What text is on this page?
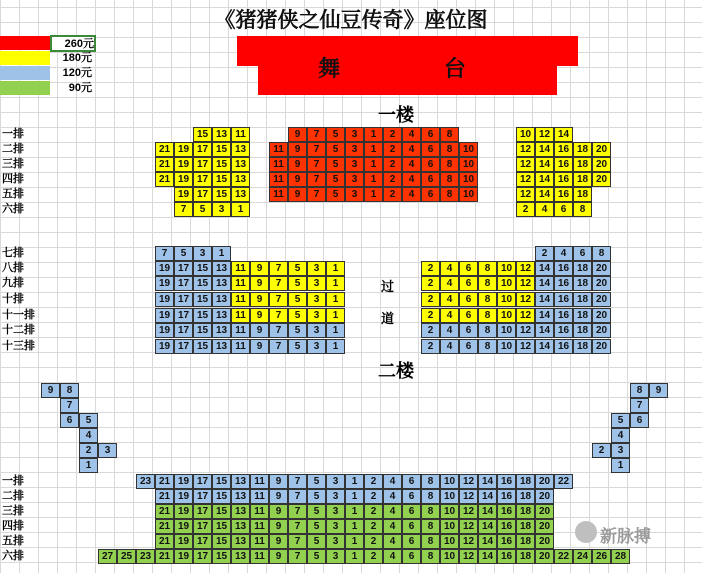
《猪猪侠之仙豆传奇》座位图
舞 台
260元
180元
120元
90元
一楼
二楼
过
道
一排	15 13 11	9	7	5	3	1	2	4	6	8	10 12 14
二排	21 19 17 15 13	11	9	7	5	3	1	2	4	6	8	10	12 14 16 18 20
三排	21 19 17 15 13	11	9	7	5	3	1	2	4	6	8	10	12 14 16 18 20
四排	21 19 17 15 13	11	9	7	5	3	1	2	4	6	8	10	12 14 16 18 20
五排	19 17 15 13	11	9	7	5	3	1	2	4	6	8	10	12 14 16 18
六排	7	5	3	1	2	4	6	8
七排	7	5	3	1	2	4	6	8
八排	19 17 15 13 11	9	7	5	3	1	2	4	6	8	10 12 14 16 18 20
九排	19 17 15 13 11	9	7	5	3	1	2	4	6	8	10 12 14 16 18 20
十排	19 17 15 13 11	9	7	5	3	1	2	4	6	8	10 12 14 16 18 20
十一排	19 17 15 13 11	9	7	5	3	1	2	4	6	8	10 12 14 16 18 20
十二排	19 17 15 13 11	9	7	5	3	1	2	4	6	8	10 12 14 16 18 20
十三排	19 17 15 13 11	9	7	5	3	1	2	4	6	8	10 12 14 16 18 20
一排	23 21 19 17 15 13 11	9	7	5	3	1	2	4	6	8	10 12 14 16 18 20 22
二排	21 19 17 15 13 11	9	7	5	3	1	2	4	6	8	10 12 14 16 18 20
三排	21 19 17 15 13 11	9	7	5	3	1	2	4	6	8	10 12 14 16 18 20
四排	21 19 17 15 13 11	9	7	5	3	1	2	4	6	8	10 12 14 16 18 20
五排	21 19 17 15 13 11	9	7	5	3	1	2	4	6	8	10 12 14 16 18 20
六排	27 25 23 21 19 17 15 13 11	9	7	5	3	1	2	4	6	8	10 12 14 16 18 20 22 24 26 28
9	8
7
6	5
4
2	3
1
8	9
7
5	6
4
2	3
1
新脉搏
